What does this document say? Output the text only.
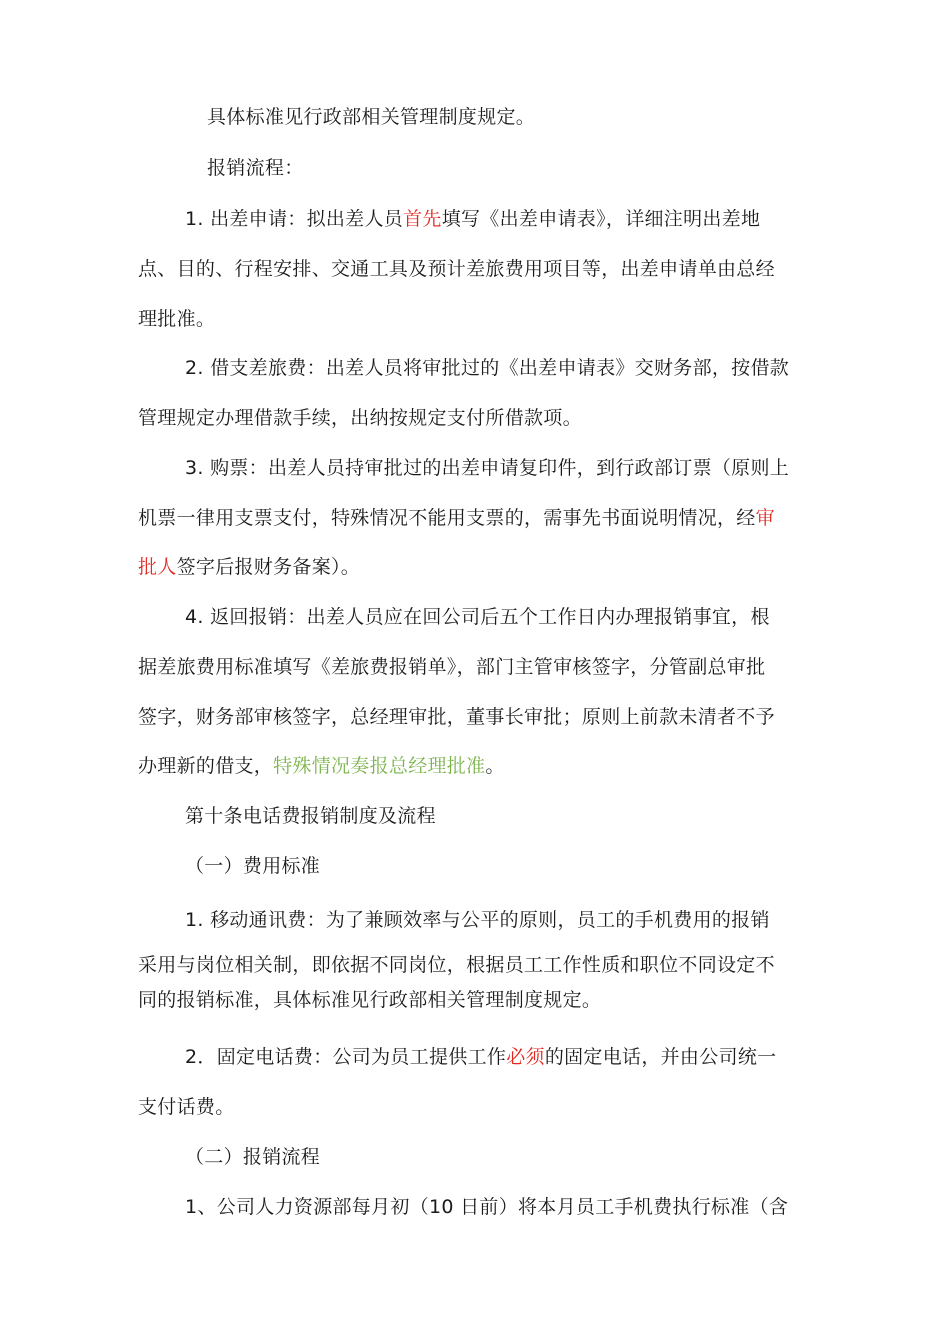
具体标准见行政部相关管理制度规定。
报销流程：
1. 出差申请：拟出差人员首先填写《出差申请表》，详细注明出差地
点、目的、行程安排、交通工具及预计差旅费用项目等，出差申请单由总经
理批准。
2. 借支差旅费：出差人员将审批过的《出差申请表》交财务部，按借款
管理规定办理借款手续，出纳按规定支付所借款项。
3. 购票：出差人员持审批过的出差申请复印件，到行政部订票（原则上
机票一律用支票支付，特殊情况不能用支票的，需事先书面说明情况，经审
批人签字后报财务备案）。
4. 返回报销：出差人员应在回公司后五个工作日内办理报销事宜，根
据差旅费用标准填写《差旅费报销单》，部门主管审核签字，分管副总审批
签字，财务部审核签字，总经理审批，董事长审批；原则上前款未清者不予
办理新的借支，特殊情况奏报总经理批准。
第十条电话费报销制度及流程
（一）费用标准
1. 移动通讯费：为了兼顾效率与公平的原则，员工的手机费用的报销
采用与岗位相关制，即依据不同岗位，根据员工工作性质和职位不同设定不
同的报销标准，具体标准见行政部相关管理制度规定。
2．固定电话费：公司为员工提供工作必须的固定电话，并由公司统一
支付话费。
（二）报销流程
1、公司人力资源部每月初（10 日前）将本月员工手机费执行标准（含
